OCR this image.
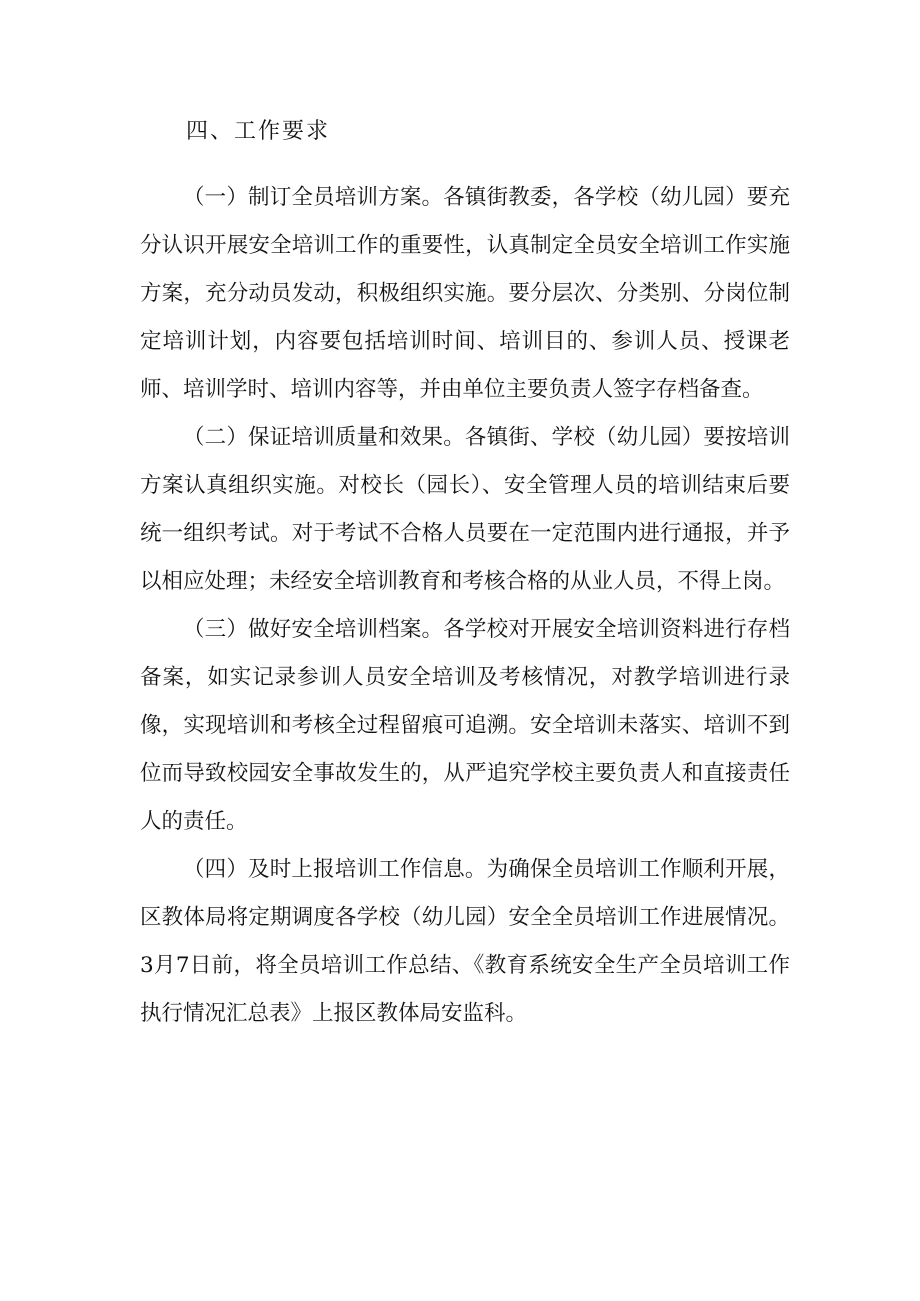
四、工作要求

（一）制订全员培训方案。各镇街教委，各学校（幼儿园）要充分认识开展安全培训工作的重要性，认真制定全员安全培训工作实施方案，充分动员发动，积极组织实施。要分层次、分类别、分岗位制定培训计划，内容要包括培训时间、培训目的、参训人员、授课老师、培训学时、培训内容等，并由单位主要负责人签字存档备查。

（二）保证培训质量和效果。各镇街、学校（幼儿园）要按培训方案认真组织实施。对校长（园长）、安全管理人员的培训结束后要统一组织考试。对于考试不合格人员要在一定范围内进行通报，并予以相应处理；未经安全培训教育和考核合格的从业人员，不得上岗。

（三）做好安全培训档案。各学校对开展安全培训资料进行存档备案，如实记录参训人员安全培训及考核情况，对教学培训进行录像，实现培训和考核全过程留痕可追溯。安全培训未落实、培训不到位而导致校园安全事故发生的，从严追究学校主要负责人和直接责任人的责任。

（四）及时上报培训工作信息。为确保全员培训工作顺利开展，区教体局将定期调度各学校（幼儿园）安全全员培训工作进展情况。3月7日前，将全员培训工作总结、《教育系统安全生产全员培训工作执行情况汇总表》上报区教体局安监科。
